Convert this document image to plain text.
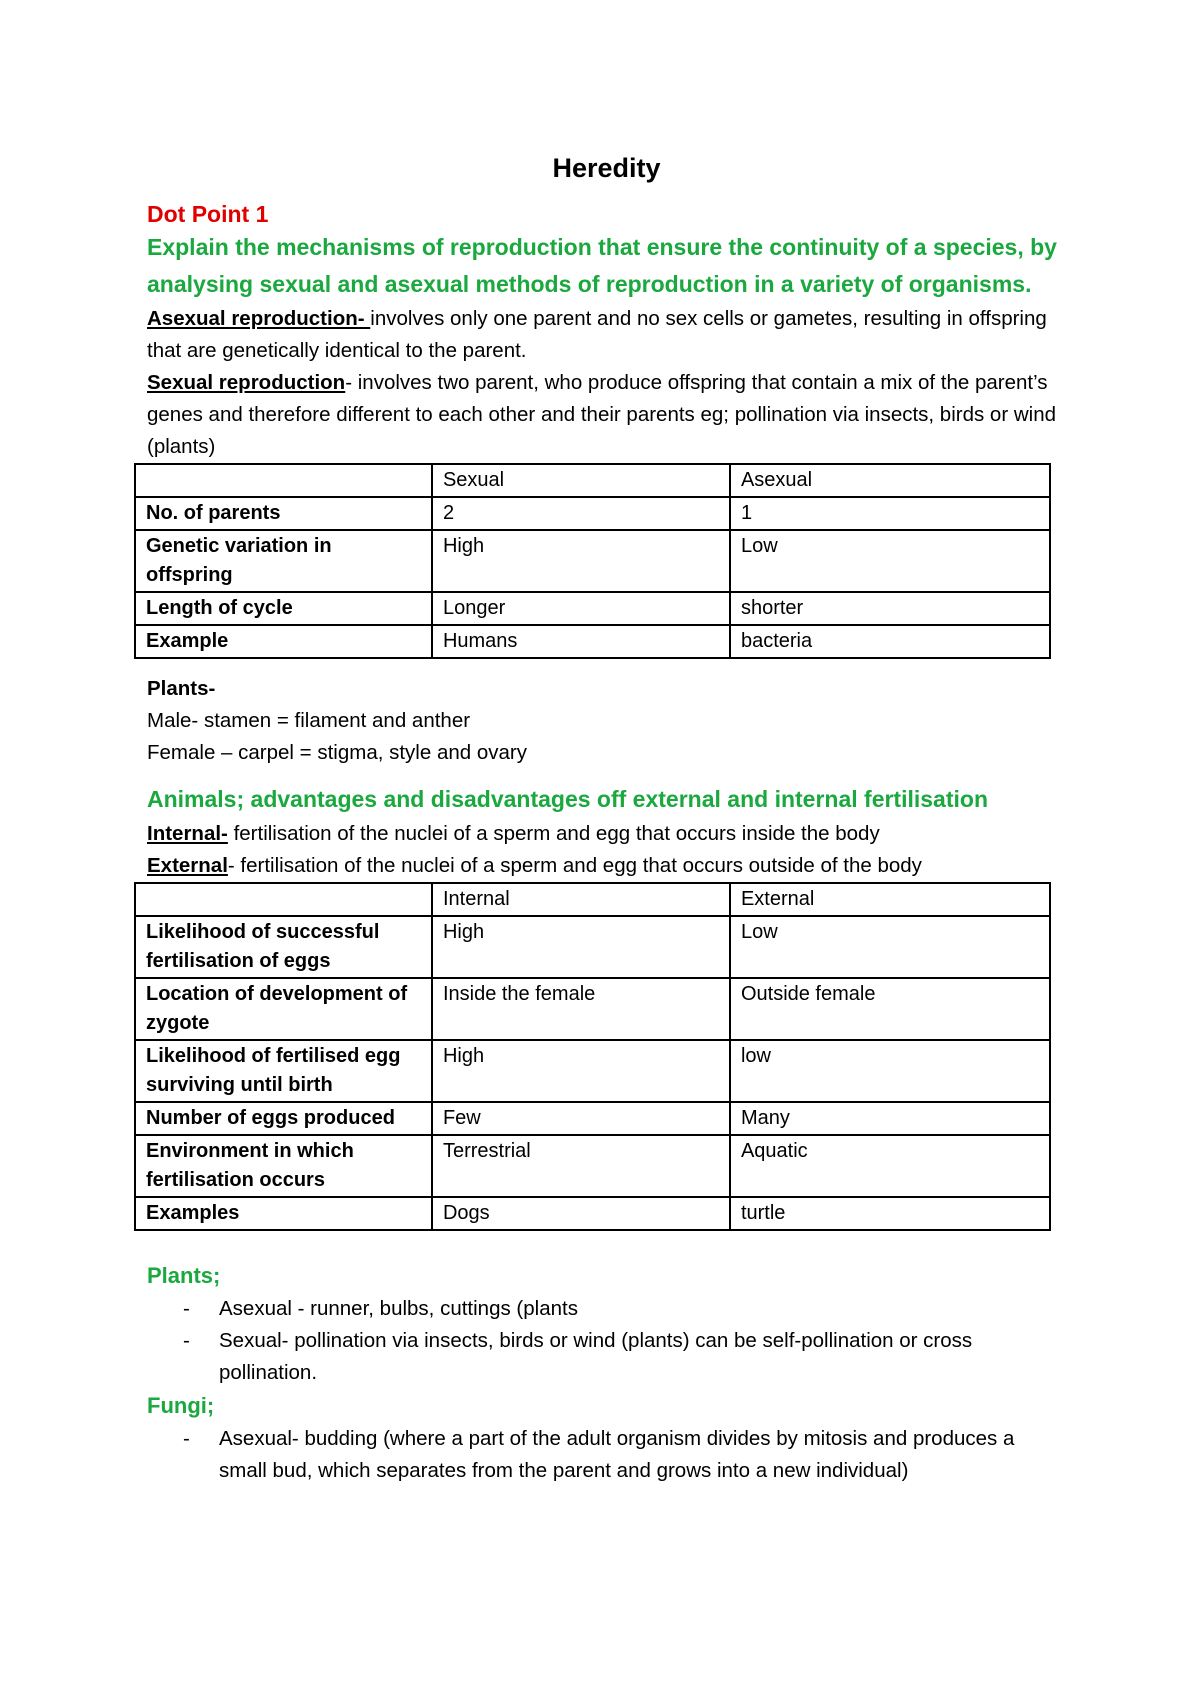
Heredity
Dot Point 1

Explain the mechanisms of reproduction that ensure the continuity of a species, by analysing sexual and asexual methods of reproduction in a variety of organisms.

Asexual reproduction- involves only one parent and no sex cells or gametes, resulting in offspring that are genetically identical to the parent.

Sexual reproduction- involves two parent, who produce offspring that contain a mix of the parent’s genes and therefore different to each other and their parents eg; pollination via insects, birds or wind (plants)

	Sexual	Asexual
No. of parents	2	1
Genetic variation in offspring	High	Low
Length of cycle	Longer	shorter
Example	Humans	bacteria

Plants-

Male- stamen = filament and anther

Female – carpel = stigma, style and ovary

Animals; advantages and disadvantages off external and internal fertilisation

Internal- fertilisation of the nuclei of a sperm and egg that occurs inside the body

External- fertilisation of the nuclei of a sperm and egg that occurs outside of the body

	Internal	External
Likelihood of successful fertilisation of eggs	High	Low
Location of development of zygote	Inside the female	Outside female
Likelihood of fertilised egg surviving until birth	High	low
Number of eggs produced	Few	Many
Environment in which fertilisation occurs	Terrestrial	Aquatic
Examples	Dogs	turtle

Plants;

- Asexual - runner, bulbs, cuttings (plants
- Sexual- pollination via insects, birds or wind (plants) can be self-pollination or cross pollination.

Fungi;

- Asexual- budding (where a part of the adult organism divides by mitosis and produces a small bud, which separates from the parent and grows into a new individual)
